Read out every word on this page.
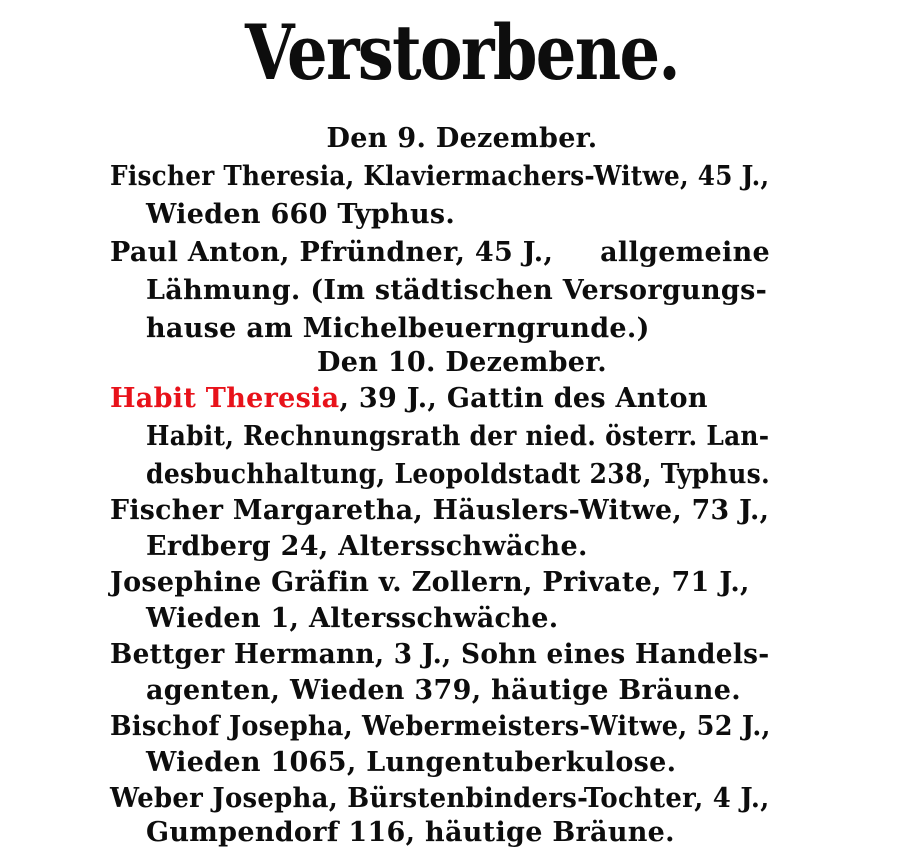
Verstorbene.
Den 9. Dezember.
Fischer Theresia, Klaviermachers-Witwe, 45 J.,
Wieden 660 Typhus.
Paul Anton, Pfründner, 45 J., allgemeine
Lähmung. (Im städtischen Versorgungs-
hause am Michelbeuerngrunde.)
Den 10. Dezember.
Habit Theresia, 39 J., Gattin des Anton
Habit, Rechnungsrath der nied. österr. Lan-
desbuchhaltung, Leopoldstadt 238, Typhus.
Fischer Margaretha, Häuslers-Witwe, 73 J.,
Erdberg 24, Altersschwäche.
Josephine Gräfin v. Zollern, Private, 71 J.,
Wieden 1, Altersschwäche.
Bettger Hermann, 3 J., Sohn eines Handels-
agenten, Wieden 379, häutige Bräune.
Bischof Josepha, Webermeisters-Witwe, 52 J.,
Wieden 1065, Lungentuberkulose.
Weber Josepha, Bürstenbinders-Tochter, 4 J.,
Gumpendorf 116, häutige Bräune.
